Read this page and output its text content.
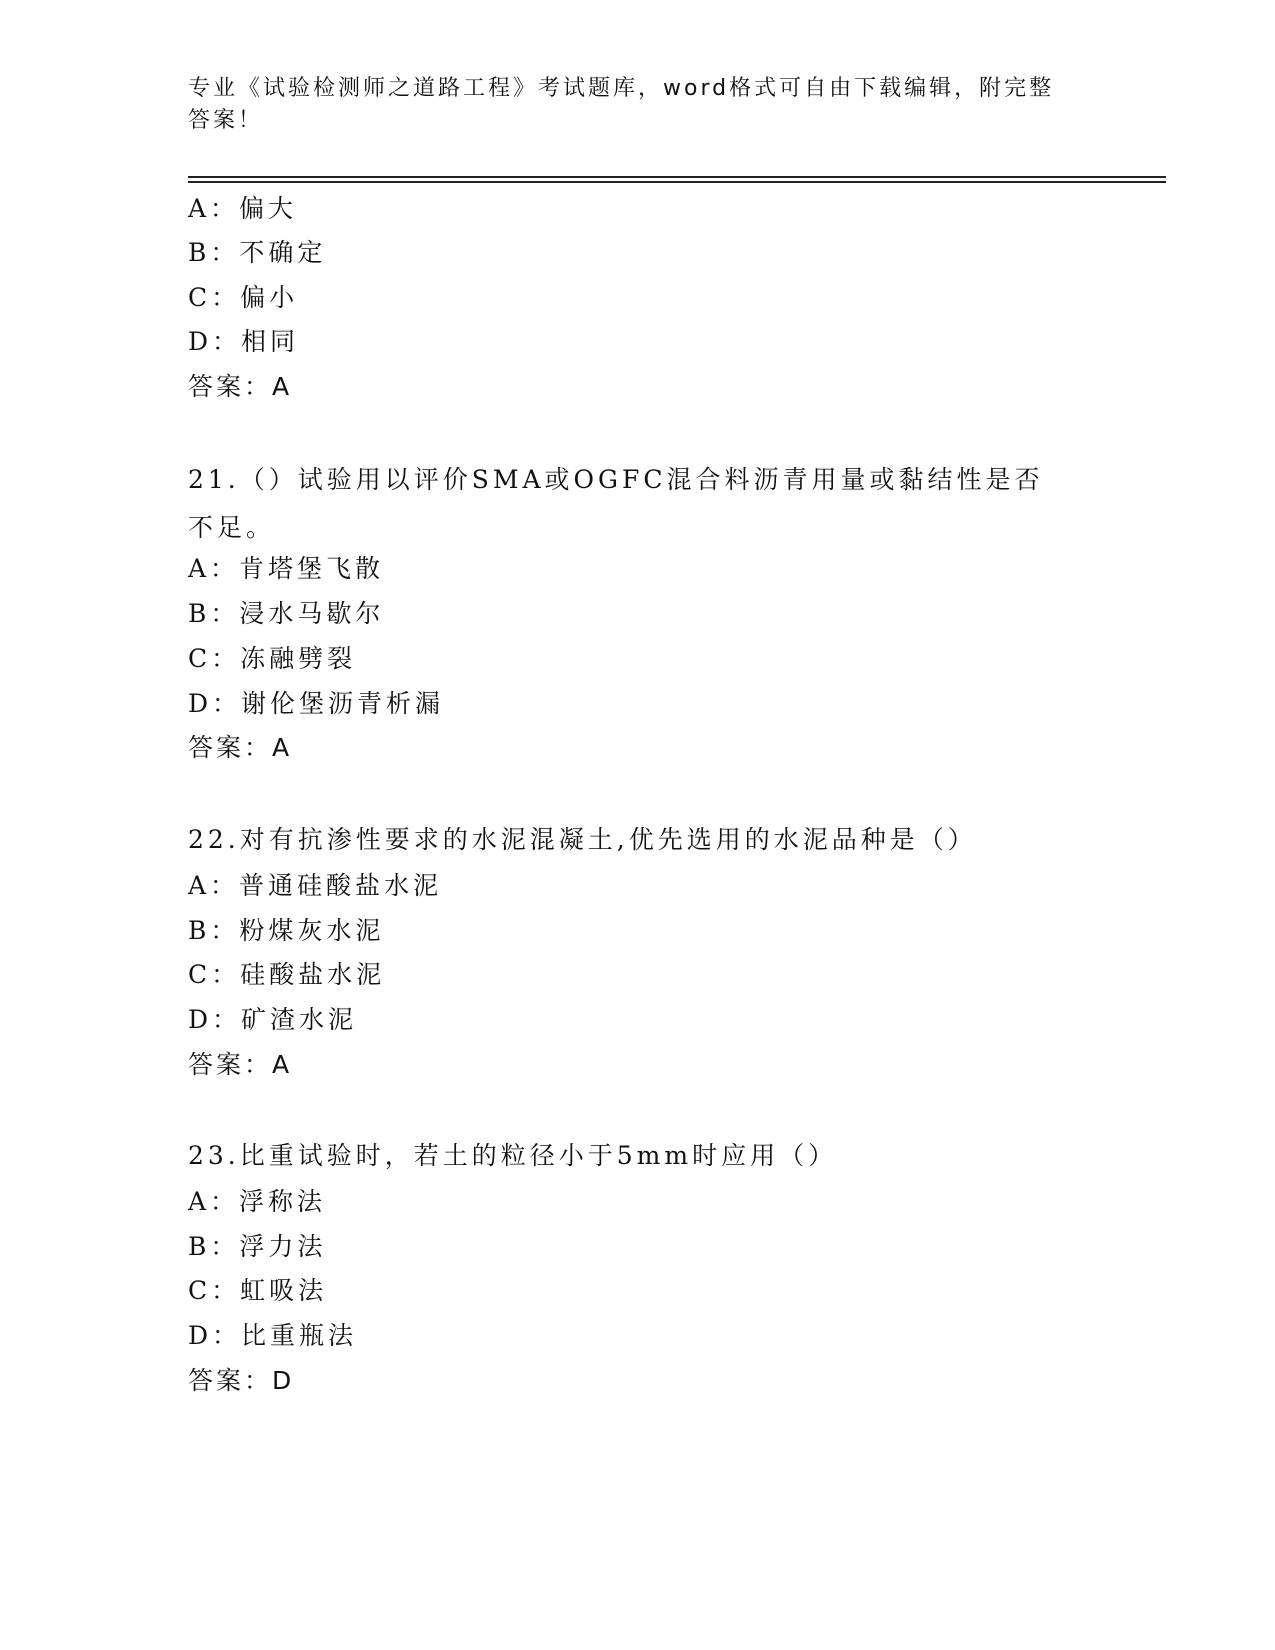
专业《试验检测师之道路工程》考试题库，word格式可自由下载编辑，附完整答案！
A：偏大
B：不确定
C：偏小
D：相同
答案：A
21.（）试验用以评价SMA或OGFC混合料沥青用量或黏结性是否不足。
A：肯塔堡飞散
B：浸水马歇尔
C：冻融劈裂
D：谢伦堡沥青析漏
答案：A
22.对有抗渗性要求的水泥混凝土,优先选用的水泥品种是（）
A：普通硅酸盐水泥
B：粉煤灰水泥
C：硅酸盐水泥
D：矿渣水泥
答案：A
23.比重试验时，若土的粒径小于5mm时应用（）
A：浮称法
B：浮力法
C：虹吸法
D：比重瓶法
答案：D
